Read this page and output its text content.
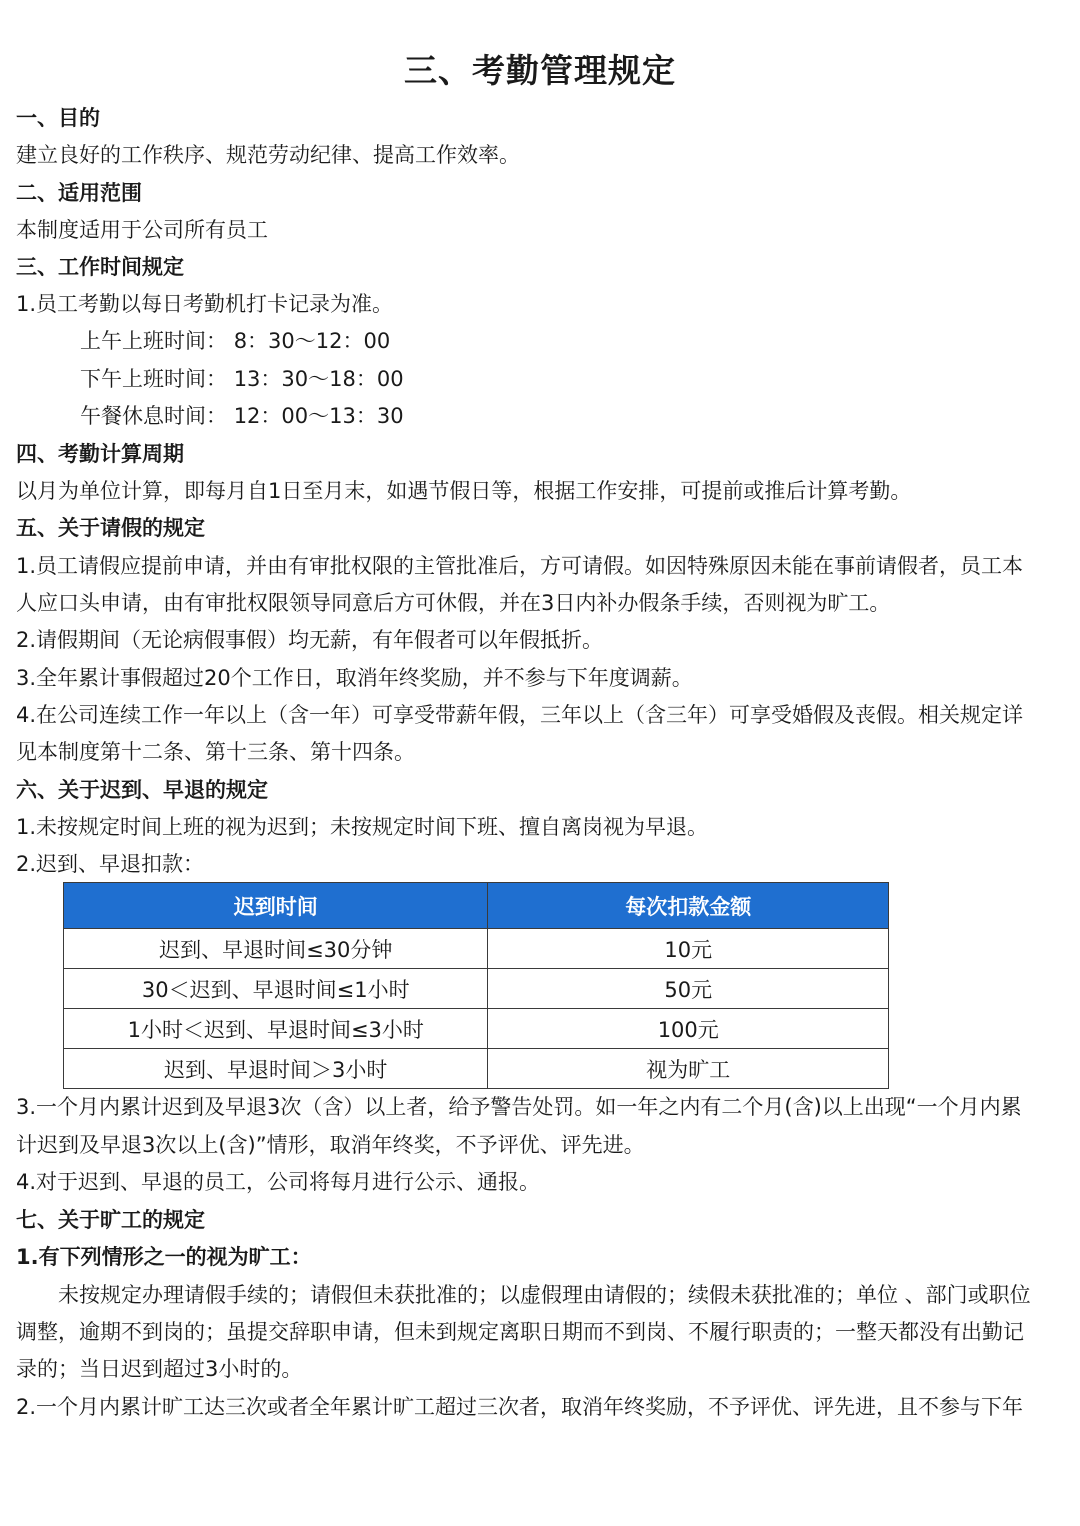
三、考勤管理规定
一、目的
建立良好的工作秩序、规范劳动纪律、提高工作效率。
二、适用范围
本制度适用于公司所有员工
三、工作时间规定
1.员工考勤以每日考勤机打卡记录为准。
上午上班时间： 8：30～12：00
下午上班时间： 13：30～18：00
午餐休息时间： 12：00～13：30
四、考勤计算周期
以月为单位计算，即每月自1日至月末，如遇节假日等，根据工作安排，可提前或推后计算考勤。
五、关于请假的规定
1.员工请假应提前申请，并由有审批权限的主管批准后，方可请假。如因特殊原因未能在事前请假者，员工本
人应口头申请，由有审批权限领导同意后方可休假，并在3日内补办假条手续，否则视为旷工。
2.请假期间（无论病假事假）均无薪，有年假者可以年假抵折。
3.全年累计事假超过20个工作日，取消年终奖励，并不参与下年度调薪。
4.在公司连续工作一年以上（含一年）可享受带薪年假，三年以上（含三年）可享受婚假及丧假。相关规定详
见本制度第十二条、第十三条、第十四条。
六、关于迟到、早退的规定
1.未按规定时间上班的视为迟到；未按规定时间下班、擅自离岗视为早退。
2.迟到、早退扣款：
迟到时间	每次扣款金额
迟到、早退时间≤30分钟	10元
30＜迟到、早退时间≤1小时	50元
1小时＜迟到、早退时间≤3小时	100元
迟到、早退时间＞3小时	视为旷工
3.一个月内累计迟到及早退3次（含）以上者，给予警告处罚。如一年之内有二个月(含)以上出现“一个月内累
计迟到及早退3次以上(含)”情形，取消年终奖，不予评优、评先进。
4.对于迟到、早退的员工，公司将每月进行公示、通报。
七、关于旷工的规定
1.有下列情形之一的视为旷工：
未按规定办理请假手续的；请假但未获批准的；以虚假理由请假的；续假未获批准的；单位 、部门或职位
调整，逾期不到岗的；虽提交辞职申请，但未到规定离职日期而不到岗、不履行职责的；一整天都没有出勤记
录的；当日迟到超过3小时的。
2.一个月内累计旷工达三次或者全年累计旷工超过三次者，取消年终奖励，不予评优、评先进，且不参与下年
